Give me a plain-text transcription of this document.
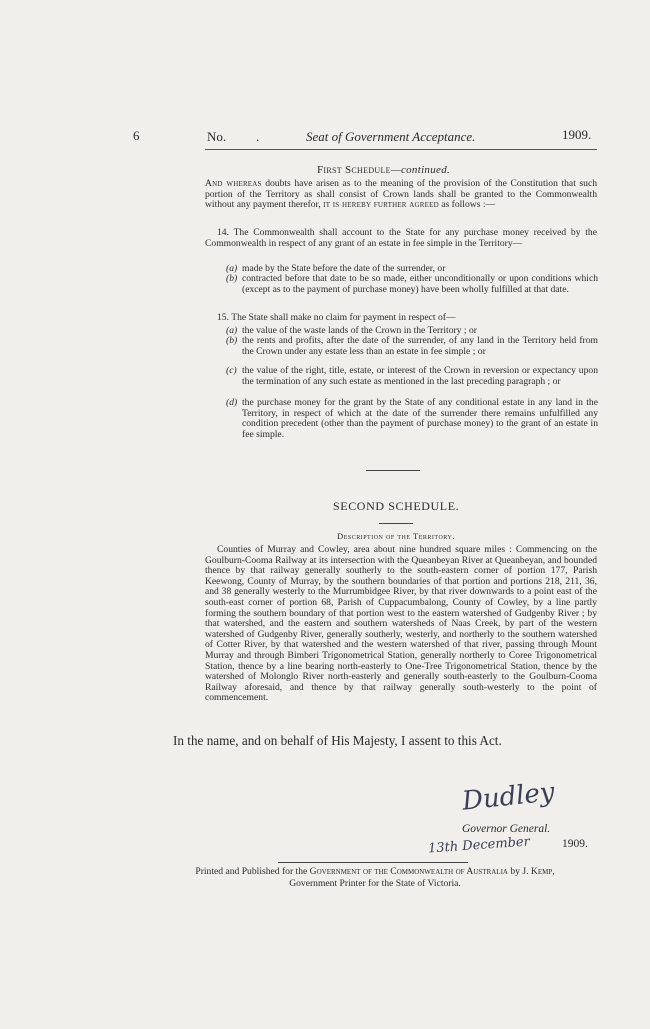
6	No. .	Seat of Government Acceptance.	1909.
First Schedule—continued.
And whereas doubts have arisen as to the meaning of the provision of the Constitution that such portion of the Territory as shall consist of Crown lands shall be granted to the Commonwealth without any payment therefor, it is hereby further agreed as follows :—
14. The Commonwealth shall account to the State for any purchase money received by the Commonwealth in respect of any grant of an estate in fee simple in the Territory—
(a) made by the State before the date of the surrender, or
(b) contracted before that date to be so made, either unconditionally or upon conditions which (except as to the payment of purchase money) have been wholly fulfilled at that date.
15. The State shall make no claim for payment in respect of—
(a) the value of the waste lands of the Crown in the Territory ; or
(b) the rents and profits, after the date of the surrender, of any land in the Territory held from the Crown under any estate less than an estate in fee simple ; or
(c) the value of the right, title, estate, or interest of the Crown in reversion or expectancy upon the termination of any such estate as mentioned in the last preceding paragraph ; or
(d) the purchase money for the grant by the State of any conditional estate in any land in the Territory, in respect of which at the date of the surrender there remains unfulfilled any condition precedent (other than the payment of purchase money) to the grant of an estate in fee simple.
SECOND SCHEDULE.
Description of the Territory.
Counties of Murray and Cowley, area about nine hundred square miles : Commencing on the Goulburn-Cooma Railway at its intersection with the Queanbeyan River at Queanbeyan, and bounded thence by that railway generally southerly to the south-eastern corner of portion 177, Parish Keewong, County of Murray, by the southern boundaries of that portion and portions 218, 211, 36, and 38 generally westerly to the Murrumbidgee River, by that river downwards to a point east of the south-east corner of portion 68, Parish of Cuppacumbalong, County of Cowley, by a line partly forming the southern boundary of that portion west to the eastern watershed of Gudgenby River ; by that watershed, and the eastern and southern watersheds of Naas Creek, by part of the western watershed of Gudgenby River, generally southerly, westerly, and northerly to the southern watershed of Cotter River, by that watershed and the western watershed of that river, passing through Mount Murray and through Bimberi Trigonometrical Station, generally northerly to Coree Trigonometrical Station, thence by a line bearing north-easterly to One-Tree Trigonometrical Station, thence by the watershed of Molonglo River north-easterly and generally south-easterly to the Goulburn-Cooma Railway aforesaid, and thence by that railway generally south-westerly to the point of commencement.
In the name, and on behalf of His Majesty, I assent to this Act.
Dudley
Governor General.
13th December	1909.
Printed and Published for the Government of the Commonwealth of Australia by J. Kemp,
Government Printer for the State of Victoria.
